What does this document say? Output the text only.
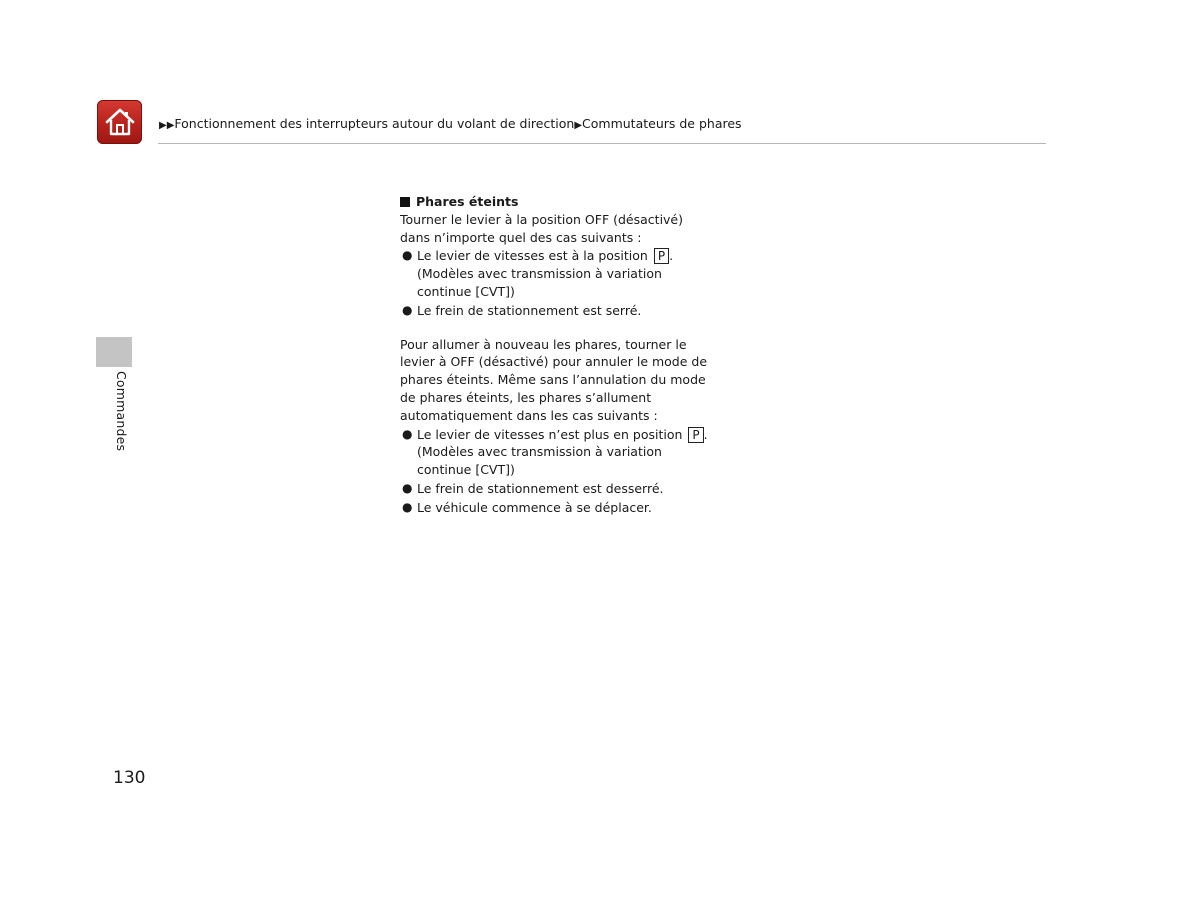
▶▶Fonctionnement des interrupteurs autour du volant de direction▶Commutateurs de phares
Commandes
Phares éteints

Tourner le levier à la position OFF (désactivé) dans n’importe quel des cas suivants :

● Le levier de vitesses est à la position P .
(Modèles avec transmission à variation continue [CVT])
● Le frein de stationnement est serré.

Pour allumer à nouveau les phares, tourner le levier à OFF (désactivé) pour annuler le mode de phares éteints. Même sans l’annulation du mode de phares éteints, les phares s’allument automatiquement dans les cas suivants :

● Le levier de vitesses n’est plus en position P .
(Modèles avec transmission à variation continue [CVT])
● Le frein de stationnement est desserré.
● Le véhicule commence à se déplacer.
130
